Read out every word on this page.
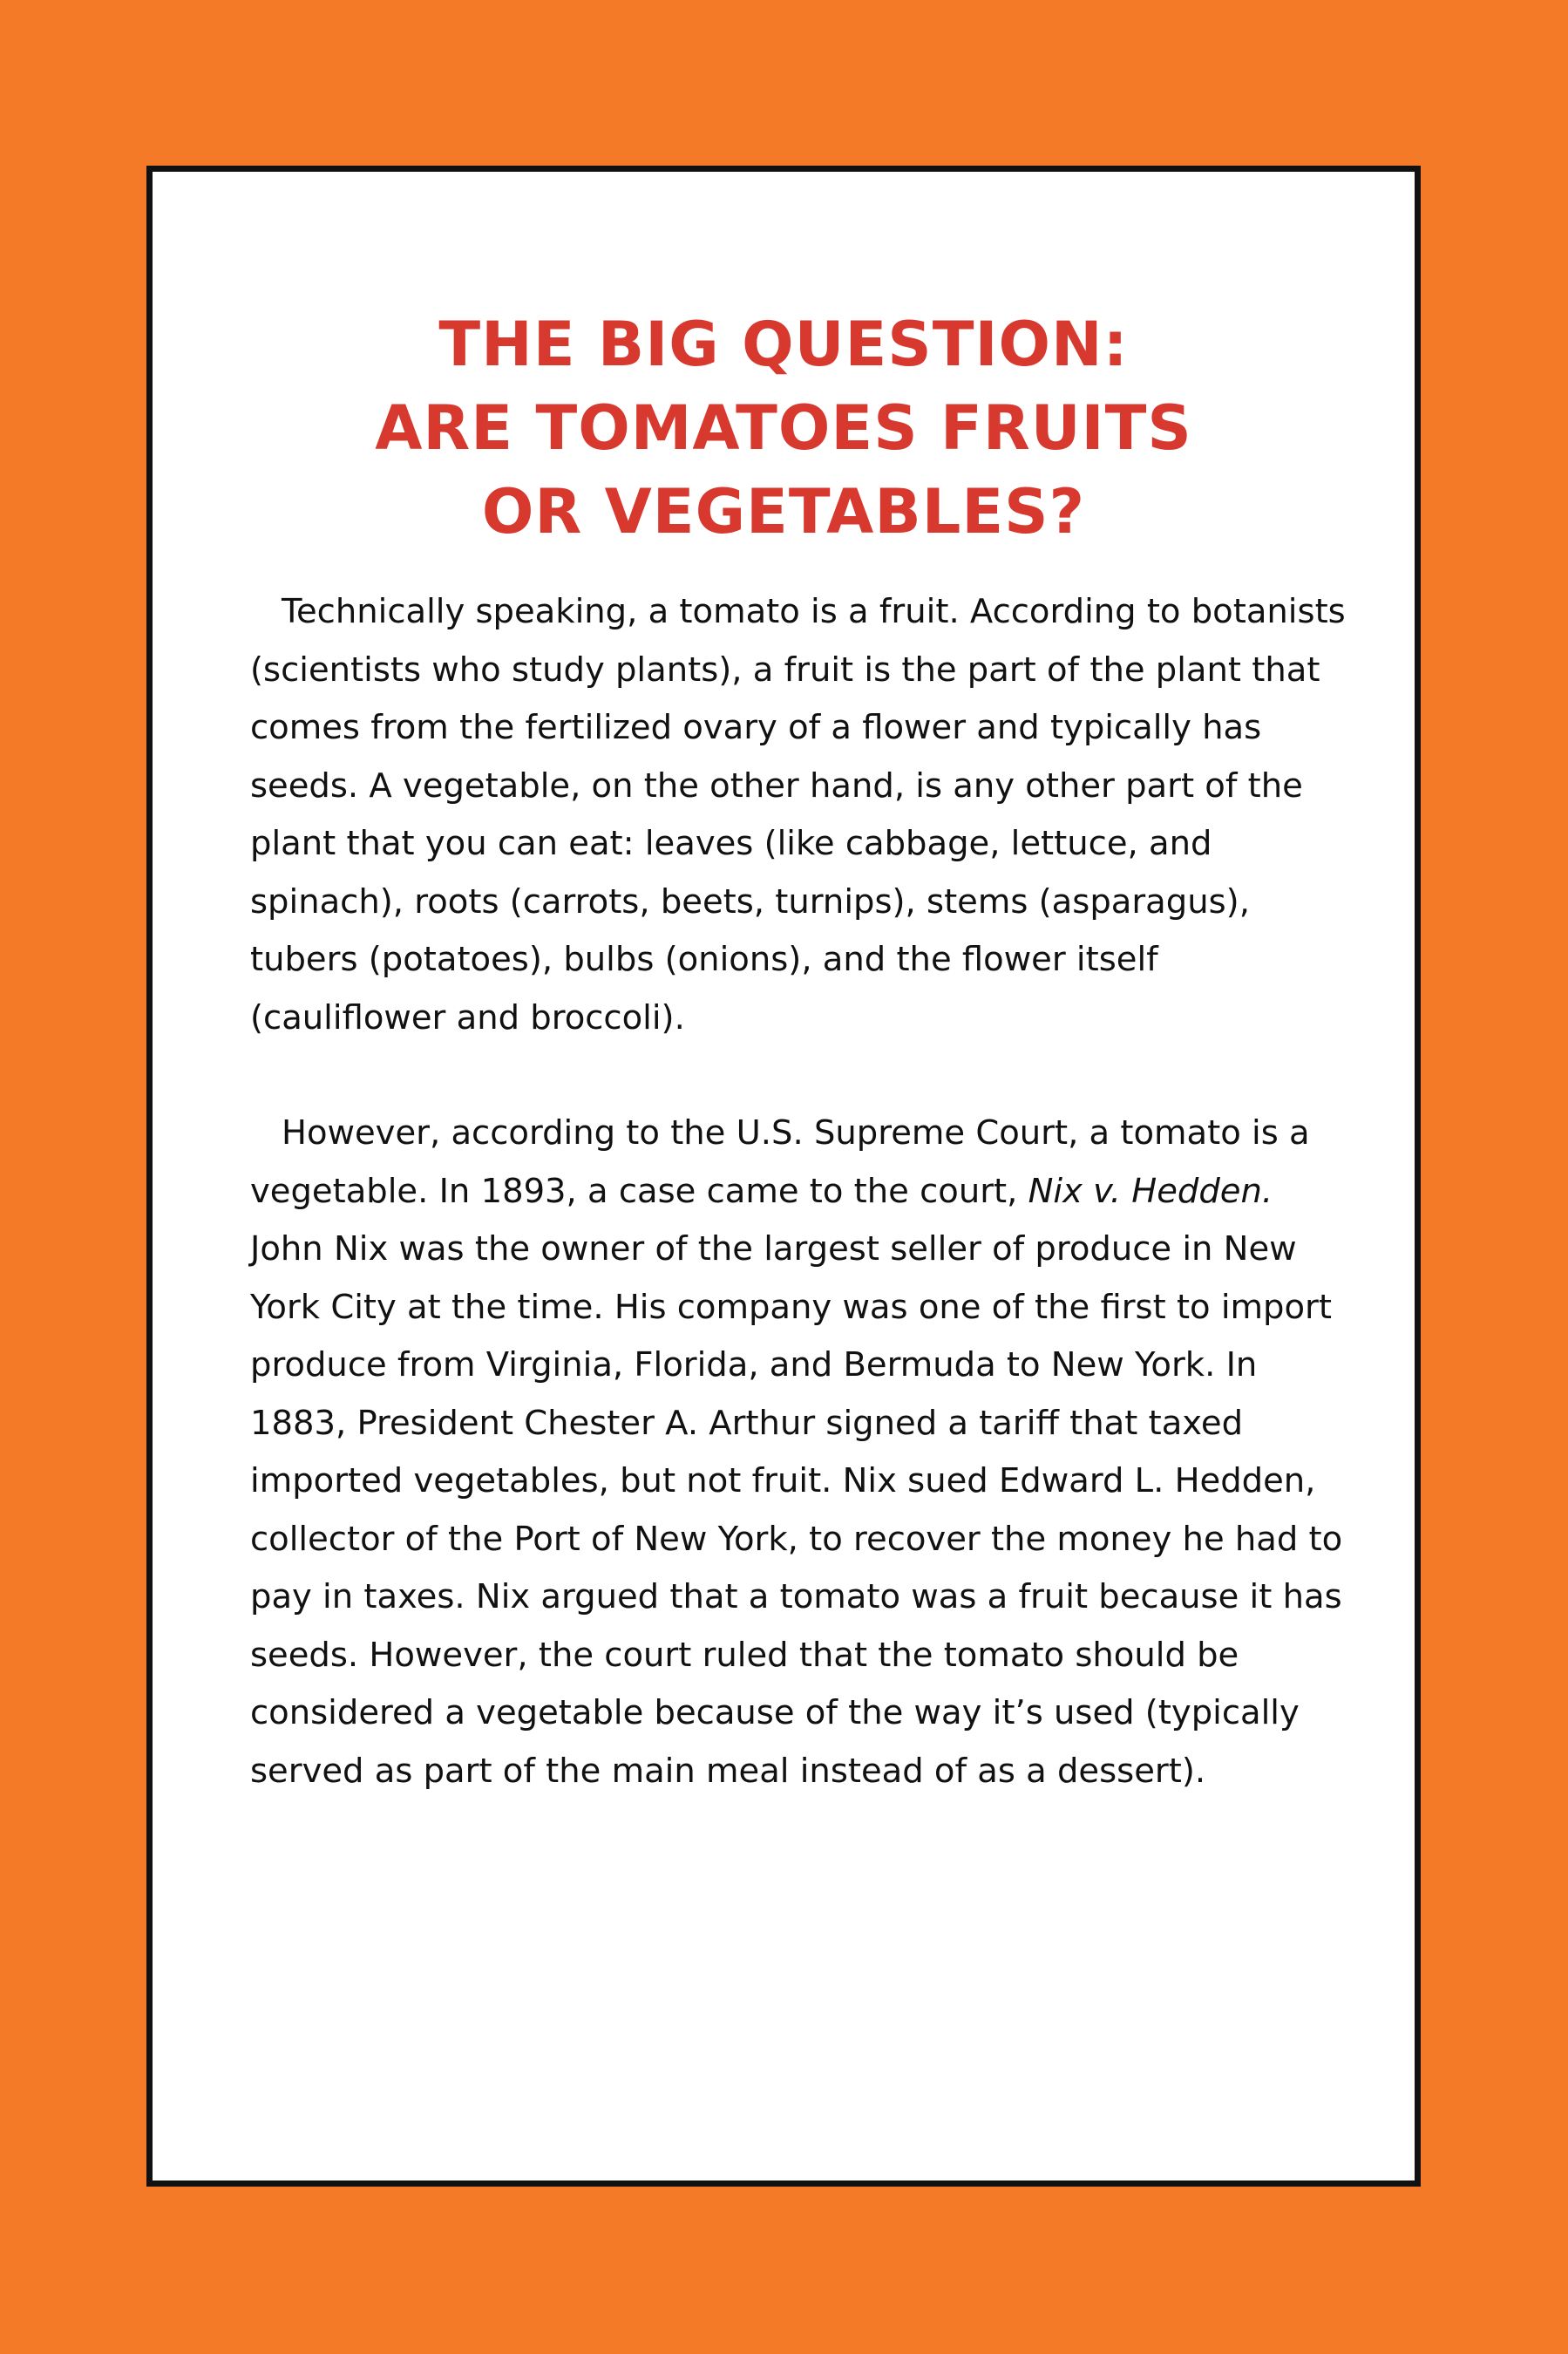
THE BIG QUESTION:
ARE TOMATOES FRUITS
OR VEGETABLES?

Technically speaking, a tomato is a fruit. According to botanists (scientists who study plants), a fruit is the part of the plant that comes from the fertilized ovary of a flower and typically has seeds. A vegetable, on the other hand, is any other part of the plant that you can eat: leaves (like cabbage, lettuce, and spinach), roots (carrots, beets, turnips), stems (asparagus), tubers (potatoes), bulbs (onions), and the flower itself (cauliflower and broccoli).

However, according to the U.S. Supreme Court, a tomato is a vegetable. In 1893, a case came to the court, Nix v. Hedden. John Nix was the owner of the largest seller of produce in New York City at the time. His company was one of the first to import produce from Virginia, Florida, and Bermuda to New York. In 1883, President Chester A. Arthur signed a tariff that taxed imported vegetables, but not fruit. Nix sued Edward L. Hedden, collector of the Port of New York, to recover the money he had to pay in taxes. Nix argued that a tomato was a fruit because it has seeds. However, the court ruled that the tomato should be considered a vegetable because of the way it’s used (typically served as part of the main meal instead of as a dessert).
